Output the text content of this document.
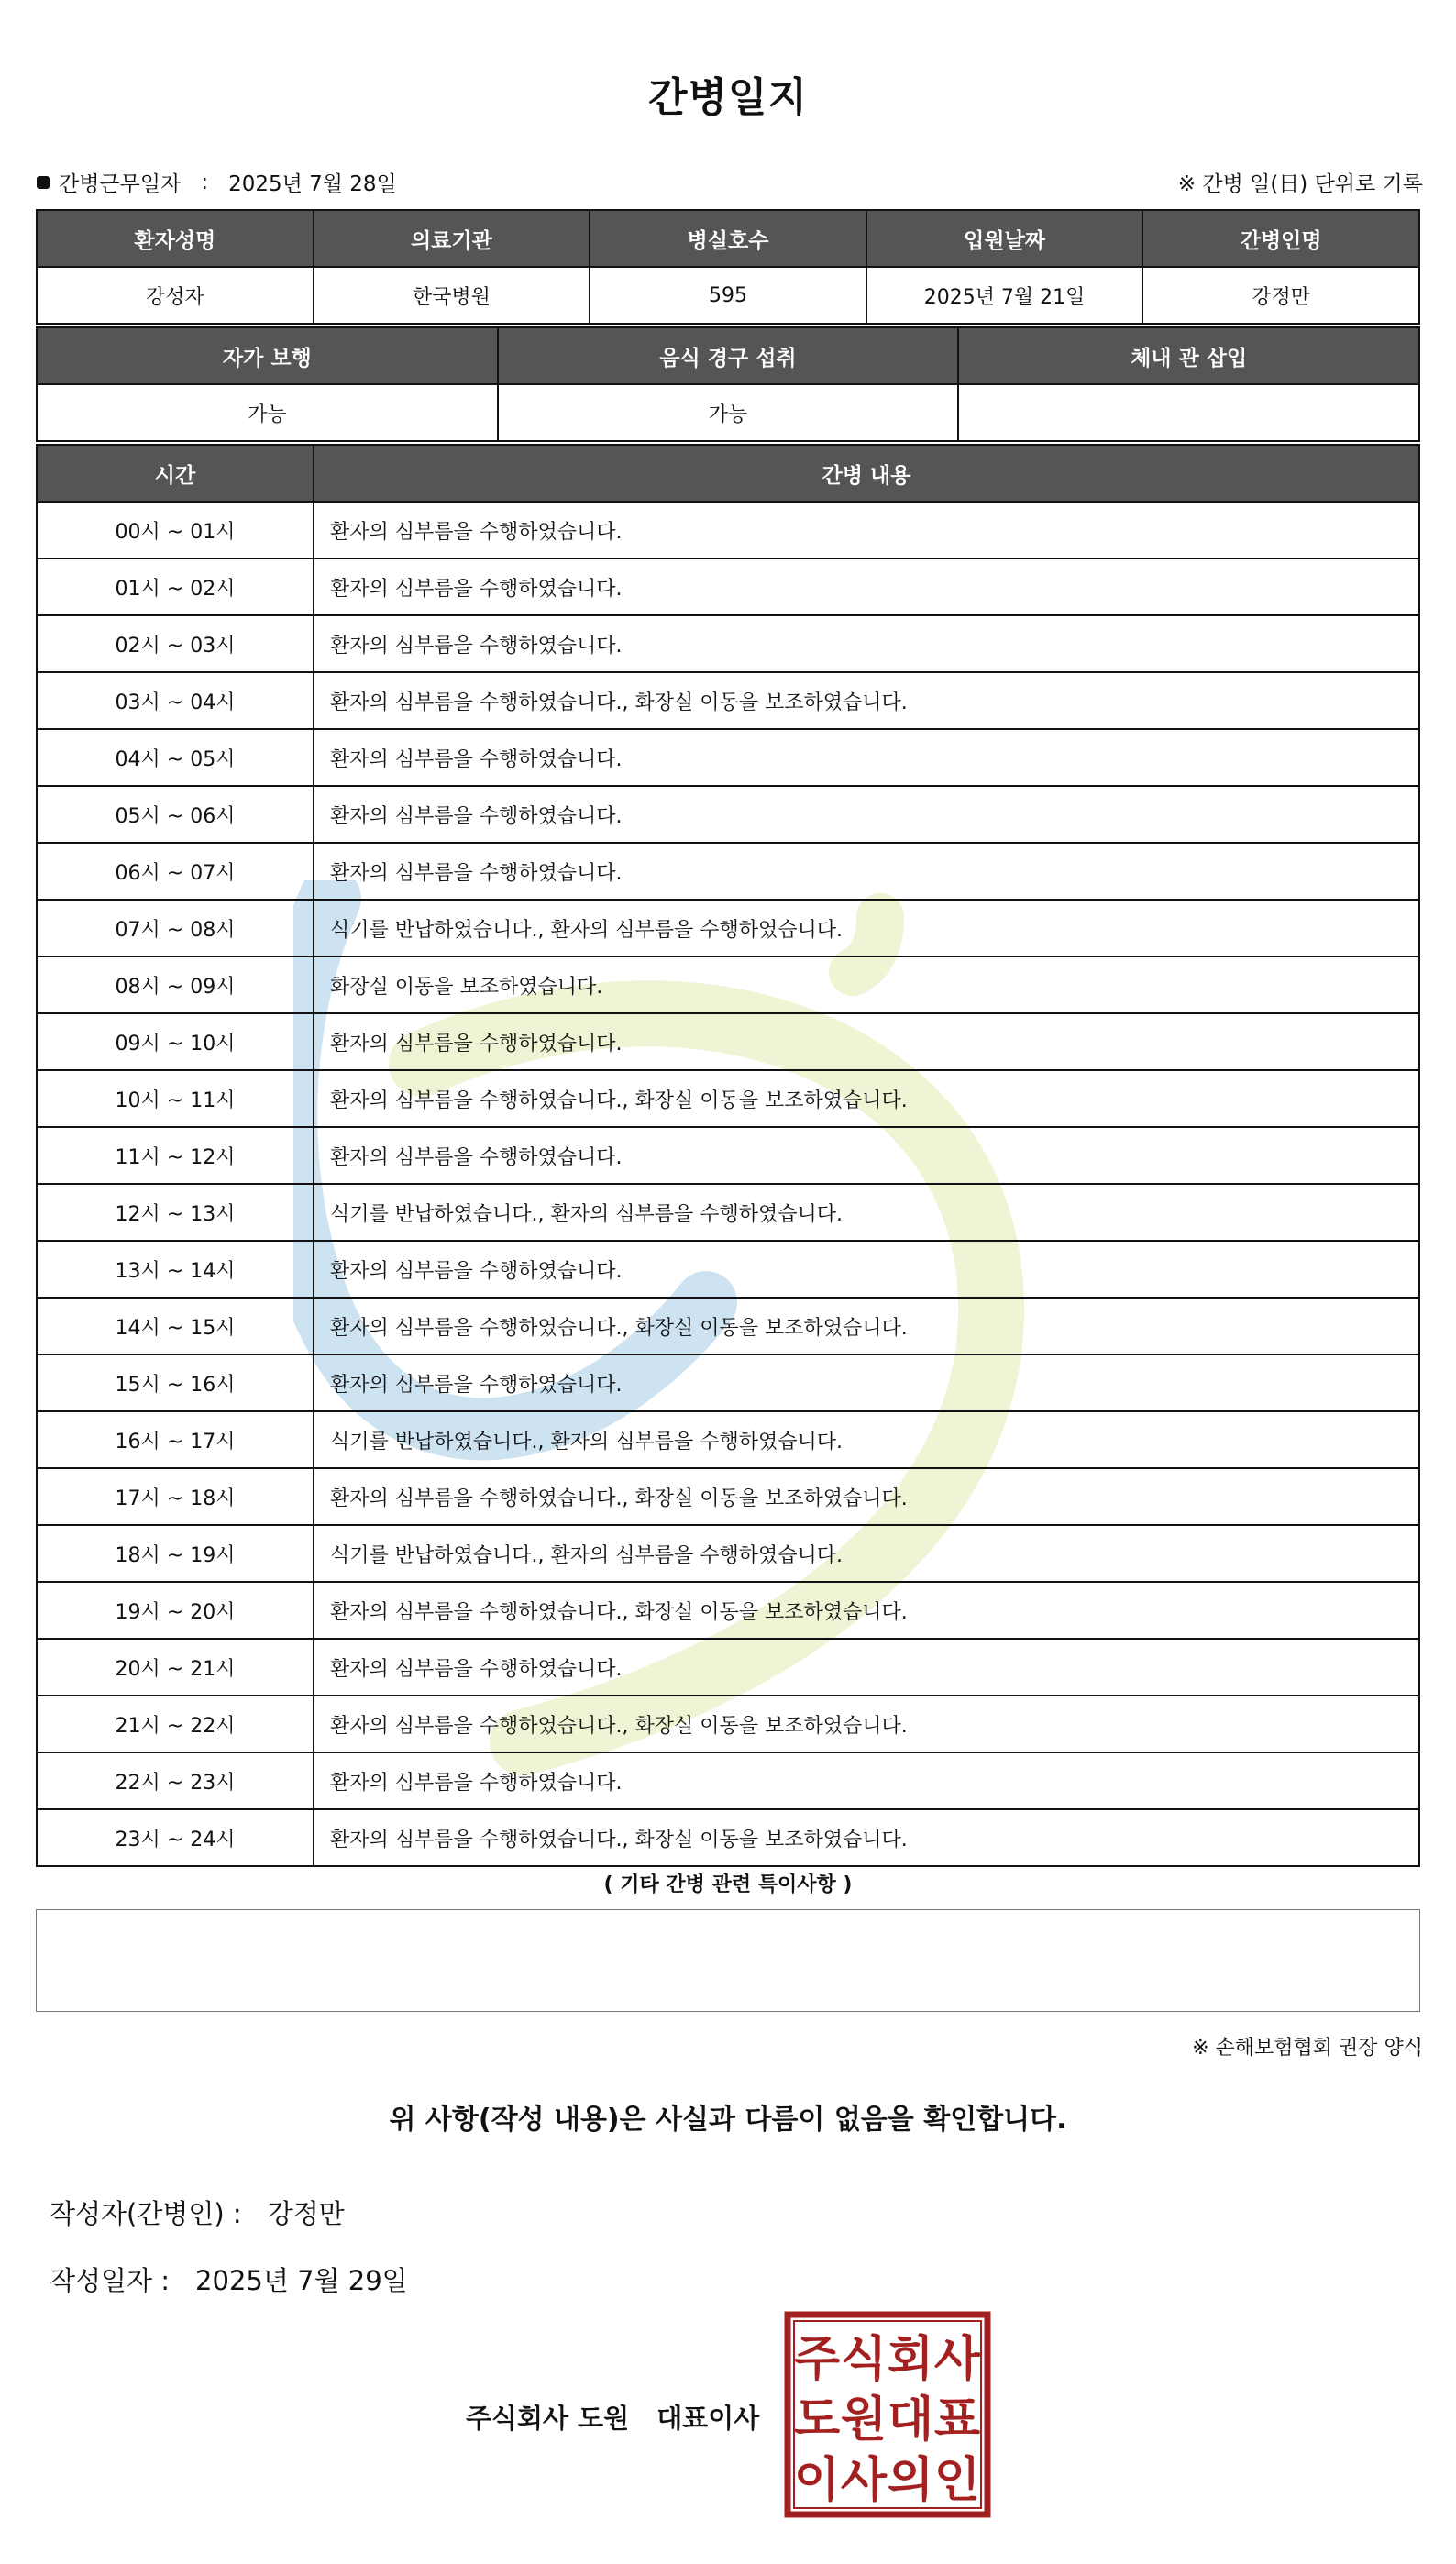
간병일지
간병근무일자 : 2025년 7월 28일	※ 간병 일(日) 단위로 기록
환자성명	의료기관	병실호수	입원날짜	간병인명
강성자	한국병원	595	2025년 7월 21일	강정만
자가 보행	음식 경구 섭취	체내 관 삽입
가능	가능	
시간	간병 내용
00시 ~ 01시	환자의 심부름을 수행하였습니다.
01시 ~ 02시	환자의 심부름을 수행하였습니다.
02시 ~ 03시	환자의 심부름을 수행하였습니다.
03시 ~ 04시	환자의 심부름을 수행하였습니다., 화장실 이동을 보조하였습니다.
04시 ~ 05시	환자의 심부름을 수행하였습니다.
05시 ~ 06시	환자의 심부름을 수행하였습니다.
06시 ~ 07시	환자의 심부름을 수행하였습니다.
07시 ~ 08시	식기를 반납하였습니다., 환자의 심부름을 수행하였습니다.
08시 ~ 09시	화장실 이동을 보조하였습니다.
09시 ~ 10시	환자의 심부름을 수행하였습니다.
10시 ~ 11시	환자의 심부름을 수행하였습니다., 화장실 이동을 보조하였습니다.
11시 ~ 12시	환자의 심부름을 수행하였습니다.
12시 ~ 13시	식기를 반납하였습니다., 환자의 심부름을 수행하였습니다.
13시 ~ 14시	환자의 심부름을 수행하였습니다.
14시 ~ 15시	환자의 심부름을 수행하였습니다., 화장실 이동을 보조하였습니다.
15시 ~ 16시	환자의 심부름을 수행하였습니다.
16시 ~ 17시	식기를 반납하였습니다., 환자의 심부름을 수행하였습니다.
17시 ~ 18시	환자의 심부름을 수행하였습니다., 화장실 이동을 보조하였습니다.
18시 ~ 19시	식기를 반납하였습니다., 환자의 심부름을 수행하였습니다.
19시 ~ 20시	환자의 심부름을 수행하였습니다., 화장실 이동을 보조하였습니다.
20시 ~ 21시	환자의 심부름을 수행하였습니다.
21시 ~ 22시	환자의 심부름을 수행하였습니다., 화장실 이동을 보조하였습니다.
22시 ~ 23시	환자의 심부름을 수행하였습니다.
23시 ~ 24시	환자의 심부름을 수행하였습니다., 화장실 이동을 보조하였습니다.
( 기타 간병 관련 특이사항 )
※ 손해보험협회 권장 양식
위 사항(작성 내용)은 사실과 다름이 없음을 확인합니다.
작성자(간병인) : 강정만
작성일자 : 2025년 7월 29일
주식회사 도원 대표이사
주 식 회 사
도 원 대 표
이 사 의 인
